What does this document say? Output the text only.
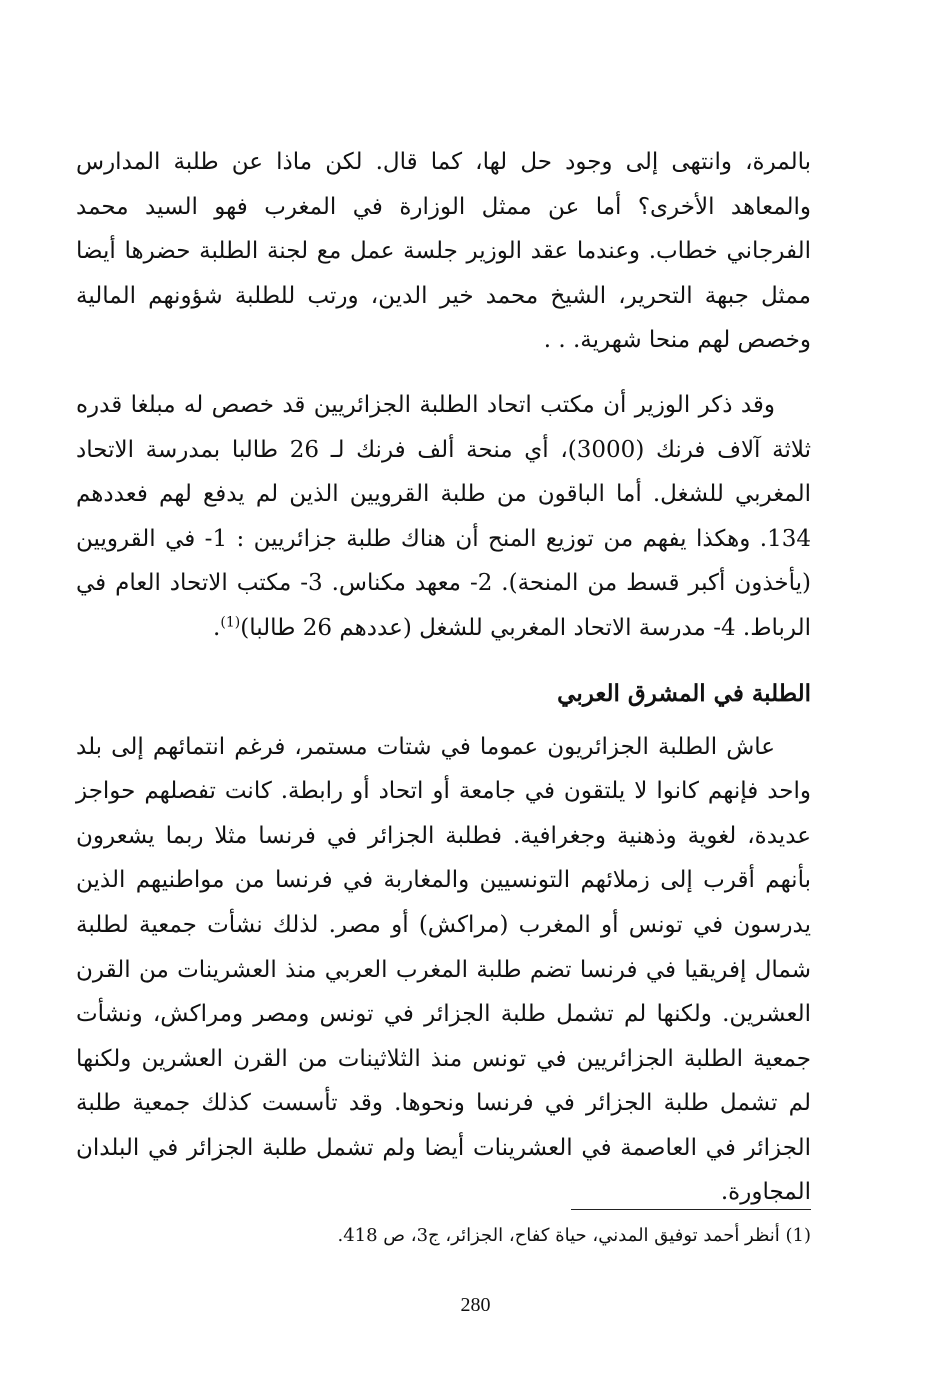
بالمرة، وانتهى إلى وجود حل لها، كما قال. لكن ماذا عن طلبة المدارس والمعاهد الأخرى؟ أما عن ممثل الوزارة في المغرب فهو السيد محمد الفرجاني خطاب. وعندما عقد الوزير جلسة عمل مع لجنة الطلبة حضرها أيضا ممثل جبهة التحرير، الشيخ محمد خير الدين، ورتب للطلبة شؤونهم المالية وخصص لهم منحا شهرية. . .

وقد ذكر الوزير أن مكتب اتحاد الطلبة الجزائريين قد خصص له مبلغا قدره ثلاثة آلاف فرنك (3000)، أي منحة ألف فرنك لـ 26 طالبا بمدرسة الاتحاد المغربي للشغل. أما الباقون من طلبة القرويين الذين لم يدفع لهم فعددهم 134. وهكذا يفهم من توزيع المنح أن هناك طلبة جزائريين : 1- في القرويين (يأخذون أكبر قسط من المنحة). 2- معهد مكناس. 3- مكتب الاتحاد العام في الرباط. 4- مدرسة الاتحاد المغربي للشغل (عددهم 26 طالبا)$^{(1)}$.

الطلبة في المشرق العربي

عاش الطلبة الجزائريون عموما في شتات مستمر، فرغم انتمائهم إلى بلد واحد فإنهم كانوا لا يلتقون في جامعة أو اتحاد أو رابطة. كانت تفصلهم حواجز عديدة، لغوية وذهنية وجغرافية. فطلبة الجزائر في فرنسا مثلا ربما يشعرون بأنهم أقرب إلى زملائهم التونسيين والمغاربة في فرنسا من مواطنيهم الذين يدرسون في تونس أو المغرب (مراكش) أو مصر. لذلك نشأت جمعية لطلبة شمال إفريقيا في فرنسا تضم طلبة المغرب العربي منذ العشرينات من القرن العشرين. ولكنها لم تشمل طلبة الجزائر في تونس ومصر ومراكش، ونشأت جمعية الطلبة الجزائريين في تونس منذ الثلاثينات من القرن العشرين ولكنها لم تشمل طلبة الجزائر في فرنسا ونحوها. وقد تأسست كذلك جمعية طلبة الجزائر في العاصمة في العشرينات أيضا ولم تشمل طلبة الجزائر في البلدان المجاورة.

(1) أنظر أحمد توفيق المدني، حياة كفاح، الجزائر، ج3، ص 418.
280
